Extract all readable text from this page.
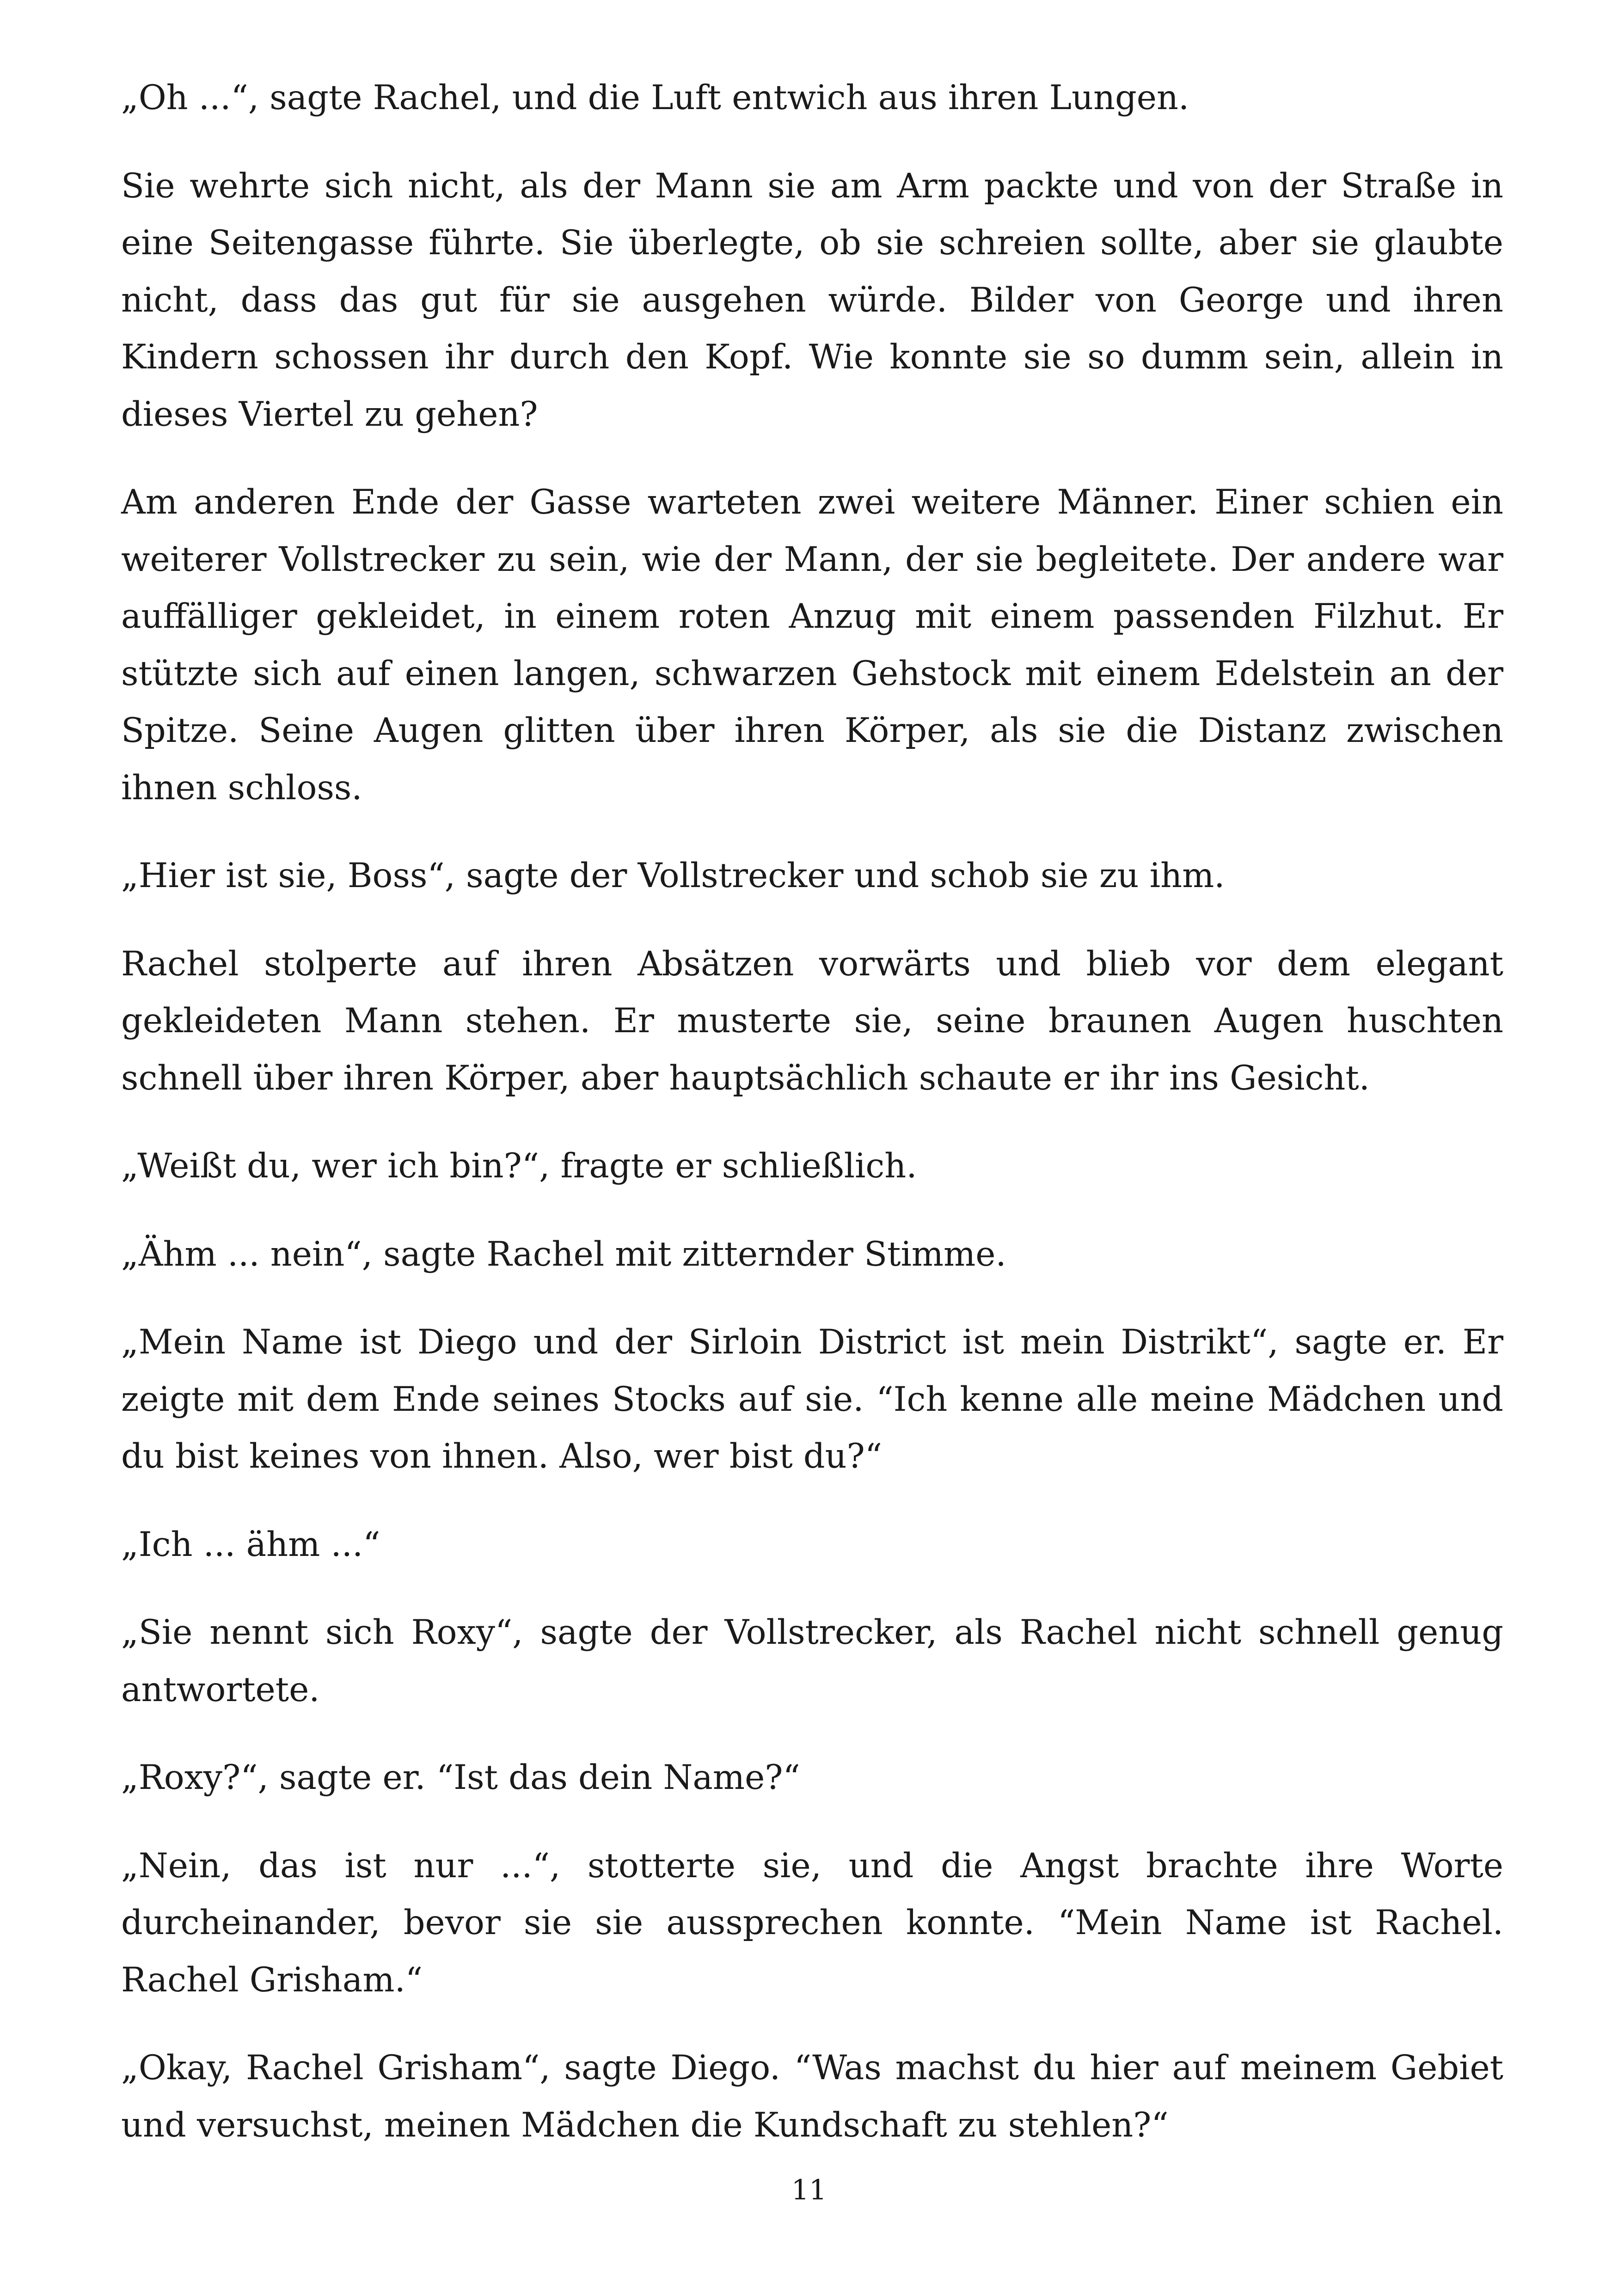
„Oh ...“, sagte Rachel, und die Luft entwich aus ihren Lungen.

Sie wehrte sich nicht, als der Mann sie am Arm packte und von der Straße in eine Seitengasse führte. Sie überlegte, ob sie schreien sollte, aber sie glaubte nicht, dass das gut für sie ausgehen würde. Bilder von George und ihren Kindern schossen ihr durch den Kopf. Wie konnte sie so dumm sein, allein in dieses Viertel zu gehen?

Am anderen Ende der Gasse warteten zwei weitere Männer. Einer schien ein weiterer Vollstrecker zu sein, wie der Mann, der sie begleitete. Der andere war auffälliger gekleidet, in einem roten Anzug mit einem passenden Filzhut. Er stützte sich auf einen langen, schwarzen Gehstock mit einem Edelstein an der Spitze. Seine Augen glitten über ihren Körper, als sie die Distanz zwischen ihnen schloss.

„Hier ist sie, Boss“, sagte der Vollstrecker und schob sie zu ihm.

Rachel stolperte auf ihren Absätzen vorwärts und blieb vor dem elegant gekleideten Mann stehen. Er musterte sie, seine braunen Augen huschten schnell über ihren Körper, aber hauptsächlich schaute er ihr ins Gesicht.

„Weißt du, wer ich bin?“, fragte er schließlich.

„Ähm ... nein“, sagte Rachel mit zitternder Stimme.

„Mein Name ist Diego und der Sirloin District ist mein Distrikt“, sagte er. Er zeigte mit dem Ende seines Stocks auf sie. “Ich kenne alle meine Mädchen und du bist keines von ihnen. Also, wer bist du?“

„Ich ... ähm ...“

„Sie nennt sich Roxy“, sagte der Vollstrecker, als Rachel nicht schnell genug antwortete.

„Roxy?“, sagte er. “Ist das dein Name?“

„Nein, das ist nur ...“, stotterte sie, und die Angst brachte ihre Worte durcheinander, bevor sie sie aussprechen konnte. “Mein Name ist Rachel. Rachel Grisham.“

„Okay, Rachel Grisham“, sagte Diego. “Was machst du hier auf meinem Gebiet und versuchst, meinen Mädchen die Kundschaft zu stehlen?“

11
